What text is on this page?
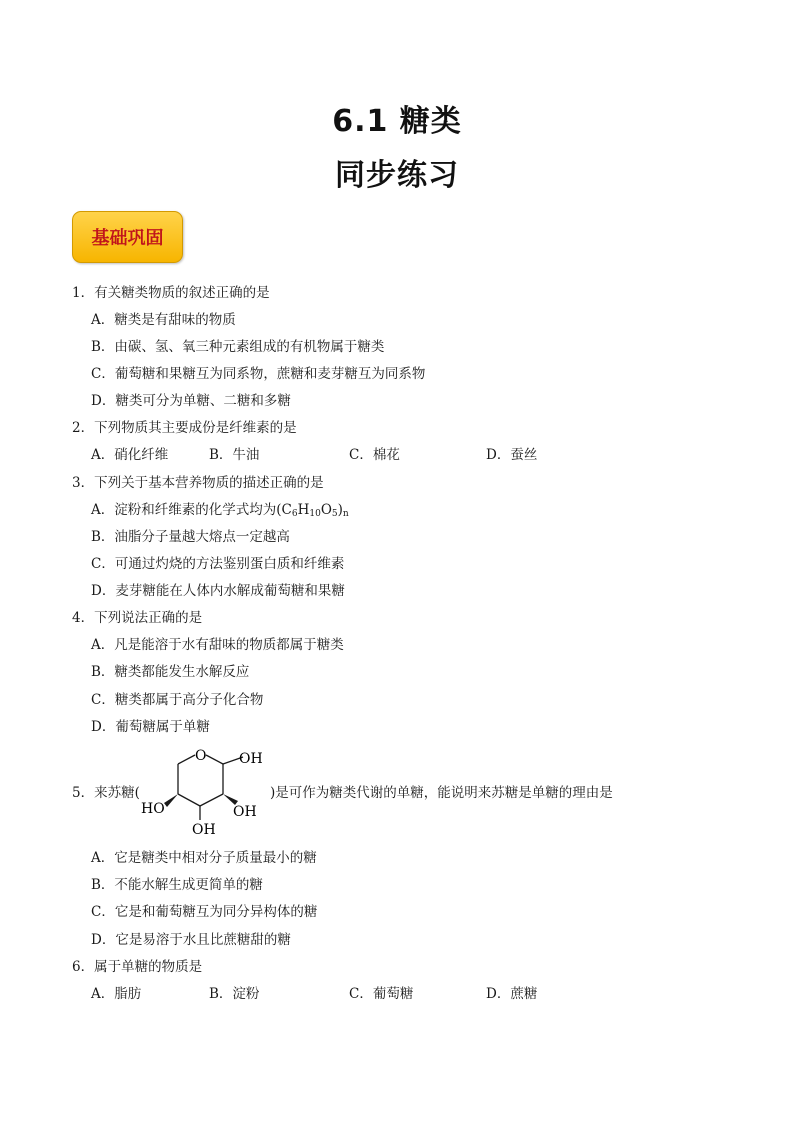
6.1 糖类
同步练习
基础巩固
1．有关糖类物质的叙述正确的是
A．糖类是有甜味的物质
B．由碳、氢、氧三种元素组成的有机物属于糖类
C．葡萄糖和果糖互为同系物，蔗糖和麦芽糖互为同系物
D．糖类可分为单糖、二糖和多糖
2．下列物质其主要成份是纤维素的是
A．硝化纤维	B．牛油	C．棉花	D．蚕丝
3．下列关于基本营养物质的描述正确的是
A．淀粉和纤维素的化学式均为$(C_6H_{10}O_5)_n$
B．油脂分子量越大熔点一定越高
C．可通过灼烧的方法鉴别蛋白质和纤维素
D．麦芽糖能在人体内水解成葡萄糖和果糖
4．下列说法正确的是
A．凡是能溶于水有甜味的物质都属于糖类
B．糖类都能发生水解反应
C．糖类都属于高分子化合物
D．葡萄糖属于单糖
5．来苏糖(
O OH
OH
OH
HO
)是可作为糖类代谢的单糖，能说明来苏糖是单糖的理由是
A．它是糖类中相对分子质量最小的糖
B．不能水解生成更简单的糖
C．它是和葡萄糖互为同分异构体的糖
D．它是易溶于水且比蔗糖甜的糖
6．属于单糖的物质是
A．脂肪	B．淀粉	C．葡萄糖	D．蔗糖
